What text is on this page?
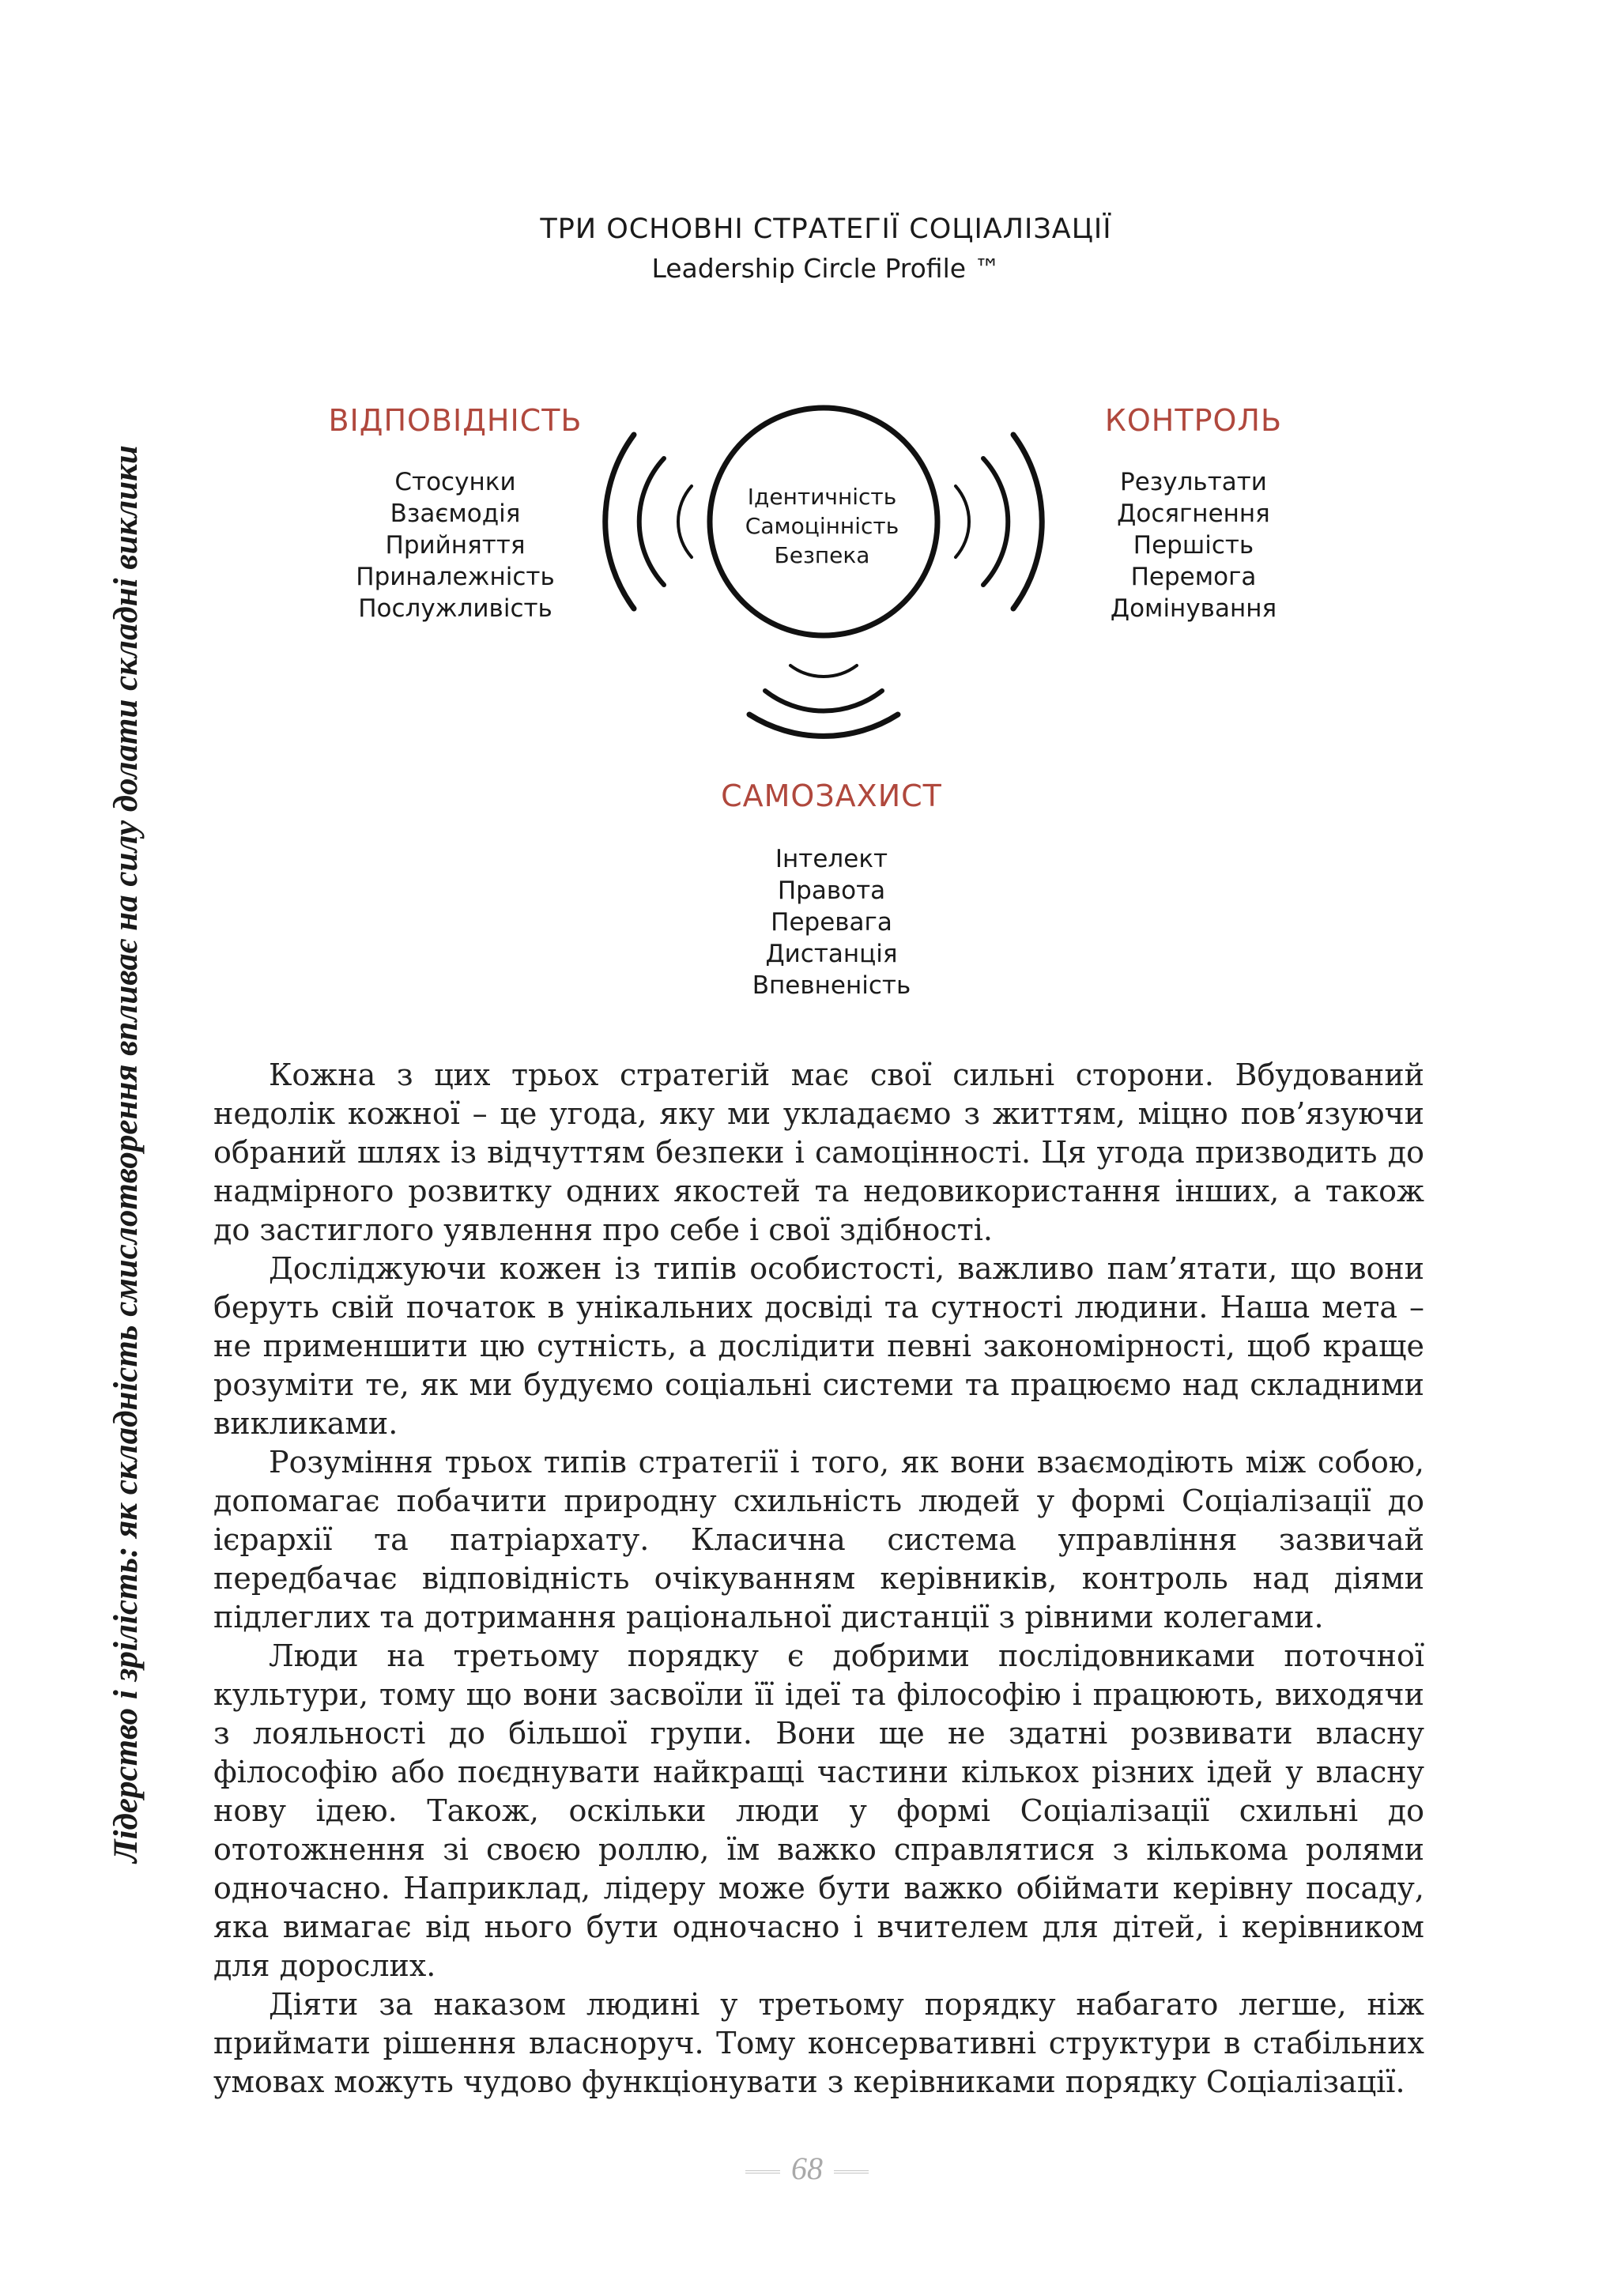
Лідерство і зрілість: як складність смислотворення впливає на силу долати складні виклики
ТРИ ОСНОВНІ СТРАТЕГІЇ СОЦІАЛІЗАЦІЇ
Leadership Circle Profile ™
Ідентичність
Самоцінність
Безпека
ВІДПОВІДНІСТЬ
Стосунки
Взаємодія
Прийняття
Приналежність
Послужливість
КОНТРОЛЬ
Результати
Досягнення
Першість
Перемога
Домінування
САМОЗАХИСТ
Інтелект
Правота
Перевага
Дистанція
Впевненість

Кожна з цих трьох стратегій має свої сильні сторони. Вбудований недолік кожної – це угода, яку ми укладаємо з життям, міцно пов’язуючи обраний шлях із відчуттям безпеки і самоцінності. Ця угода призводить до надмірного розвитку одних якостей та недовикористання інших, а також до застиглого уявлення про себе і свої здібності.

Досліджуючи кожен із типів особистості, важливо пам’ятати, що вони беруть свій початок в унікальних досвіді та сутності людини. Наша мета – не применшити цю сутність, а дослідити певні закономірності, щоб краще розуміти те, як ми будуємо соціальні системи та працюємо над складними викликами.

Розуміння трьох типів стратегії і того, як вони взаємодіють між собою, допомагає побачити природну схильність людей у формі Соціалізації до ієрархії та патріархату. Класична система управління зазвичай передбачає відповідність очікуванням керівників, контроль над діями підлеглих та дотримання раціональної дистанції з рівними колегами.

Люди на третьому порядку є добрими послідовниками поточної культури, тому що вони засвоїли її ідеї та філософію і працюють, виходячи з лояльності до більшої групи. Вони ще не здатні розвивати власну філософію або поєднувати найкращі частини кількох різних ідей у власну нову ідею. Також, оскільки люди у формі Соціалізації схильні до ототожнення зі своєю роллю, їм важко справлятися з кількома ролями одночасно. Наприклад, лідеру може бути важко обіймати керівну посаду, яка вимагає від нього бути одночасно і вчителем для дітей, і керівником для дорослих.

Діяти за наказом людині у третьому порядку набагато легше, ніж приймати рішення власноруч. Тому консервативні структури в стабільних умовах можуть чудово функціонувати з керівниками порядку Соціалізації.

68
